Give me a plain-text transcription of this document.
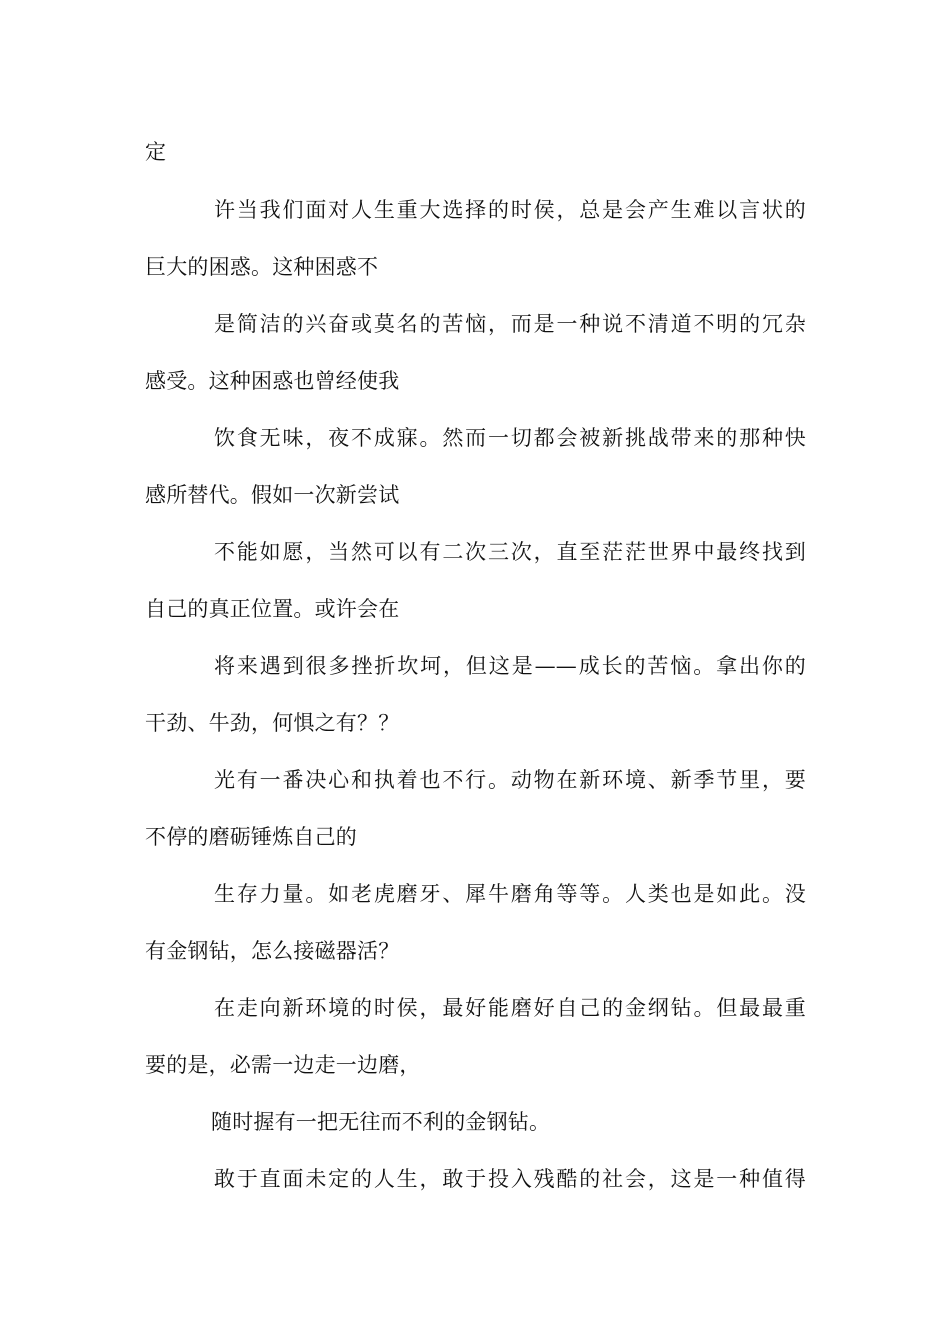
定
许当我们面对人生重大选择的时侯，总是会产生难以言状的
巨大的困惑。这种困惑不
是简洁的兴奋或莫名的苦恼，而是一种说不清道不明的冗杂
感受。这种困惑也曾经使我
饮食无味，夜不成寐。然而一切都会被新挑战带来的那种快
感所替代。假如一次新尝试
不能如愿，当然可以有二次三次，直至茫茫世界中最终找到
自己的真正位置。或许会在
将来遇到很多挫折坎坷，但这是——成长的苦恼。拿出你的
干劲、牛劲，何惧之有？？
光有一番决心和执着也不行。动物在新环境、新季节里，要
不停的磨砺锤炼自己的
生存力量。如老虎磨牙、犀牛磨角等等。人类也是如此。没
有金钢钻，怎么接磁器活？
在走向新环境的时侯，最好能磨好自己的金纲钻。但最最重
要的是，必需一边走一边磨，
随时握有一把无往而不利的金钢钻。
敢于直面未定的人生，敢于投入残酷的社会，这是一种值得
